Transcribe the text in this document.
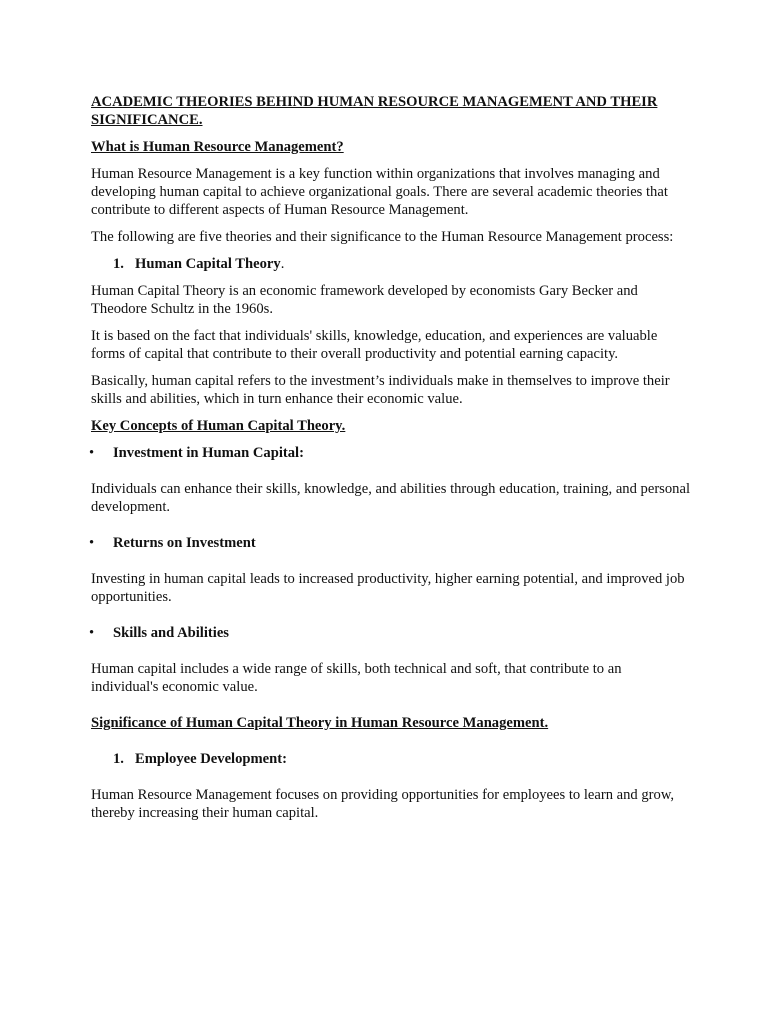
ACADEMIC THEORIES BEHIND HUMAN RESOURCE MANAGEMENT AND THEIR SIGNIFICANCE.

What is Human Resource Management?

Human Resource Management is a key function within organizations that involves managing and developing human capital to achieve organizational goals. There are several academic theories that contribute to different aspects of Human Resource Management.

The following are five theories and their significance to the Human Resource Management process:

1. Human Capital Theory.

Human Capital Theory is an economic framework developed by economists Gary Becker and Theodore Schultz in the 1960s.

It is based on the fact that individuals' skills, knowledge, education, and experiences are valuable forms of capital that contribute to their overall productivity and potential earning capacity.

Basically, human capital refers to the investment’s individuals make in themselves to improve their skills and abilities, which in turn enhance their economic value.

Key Concepts of Human Capital Theory.

• Investment in Human Capital:

Individuals can enhance their skills, knowledge, and abilities through education, training, and personal development.

• Returns on Investment

Investing in human capital leads to increased productivity, higher earning potential, and improved job opportunities.

• Skills and Abilities

Human capital includes a wide range of skills, both technical and soft, that contribute to an individual's economic value.

Significance of Human Capital Theory in Human Resource Management.

1. Employee Development:

Human Resource Management focuses on providing opportunities for employees to learn and grow, thereby increasing their human capital.
